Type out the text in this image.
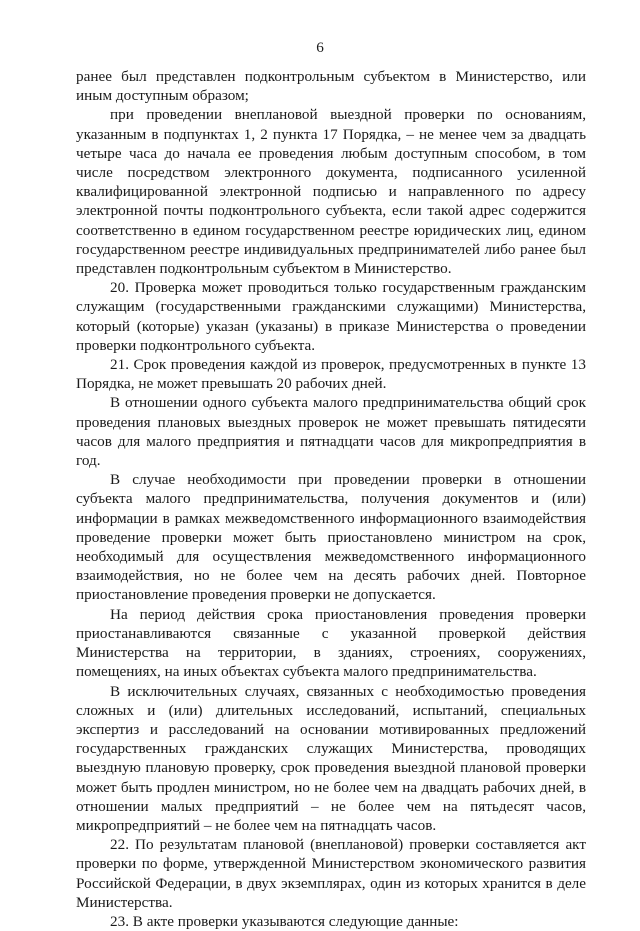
6

ранее был представлен подконтрольным субъектом в Министерство, или иным доступным образом;

при проведении внеплановой выездной проверки по основаниям, указанным в подпунктах 1, 2 пункта 17 Порядка, – не менее чем за двадцать четыре часа до начала ее проведения любым доступным способом, в том числе посредством электронного документа, подписанного усиленной квалифицированной электронной подписью и направленного по адресу электронной почты подконтрольного субъекта, если такой адрес содержится соответственно в едином государственном реестре юридических лиц, едином государственном реестре индивидуальных предпринимателей либо ранее был представлен подконтрольным субъектом в Министерство.

20. Проверка может проводиться только государственным гражданским служащим (государственными гражданскими служащими) Министерства, который (которые) указан (указаны) в приказе Министерства о проведении проверки подконтрольного субъекта.

21. Срок проведения каждой из проверок, предусмотренных в пункте 13 Порядка, не может превышать 20 рабочих дней.

В отношении одного субъекта малого предпринимательства общий срок проведения плановых выездных проверок не может превышать пятидесяти часов для малого предприятия и пятнадцати часов для микропредприятия в год.

В случае необходимости при проведении проверки в отношении субъекта малого предпринимательства, получения документов и (или) информации в рамках межведомственного информационного взаимодействия проведение проверки может быть приостановлено министром на срок, необходимый для осуществления межведомственного информационного взаимодействия, но не более чем на десять рабочих дней. Повторное приостановление проведения проверки не допускается.

На период действия срока приостановления проведения проверки приостанавливаются связанные с указанной проверкой действия Министерства на территории, в зданиях, строениях, сооружениях, помещениях, на иных объектах субъекта малого предпринимательства.

В исключительных случаях, связанных с необходимостью проведения сложных и (или) длительных исследований, испытаний, специальных экспертиз и расследований на основании мотивированных предложений государственных гражданских служащих Министерства, проводящих выездную плановую проверку, срок проведения выездной плановой проверки может быть продлен министром, но не более чем на двадцать рабочих дней, в отношении малых предприятий – не более чем на пятьдесят часов, микропредприятий – не более чем на пятнадцать часов.

22. По результатам плановой (внеплановой) проверки составляется акт проверки по форме, утвержденной Министерством экономического развития Российской Федерации, в двух экземплярах, один из которых хранится в деле Министерства.

23. В акте проверки указываются следующие данные:
